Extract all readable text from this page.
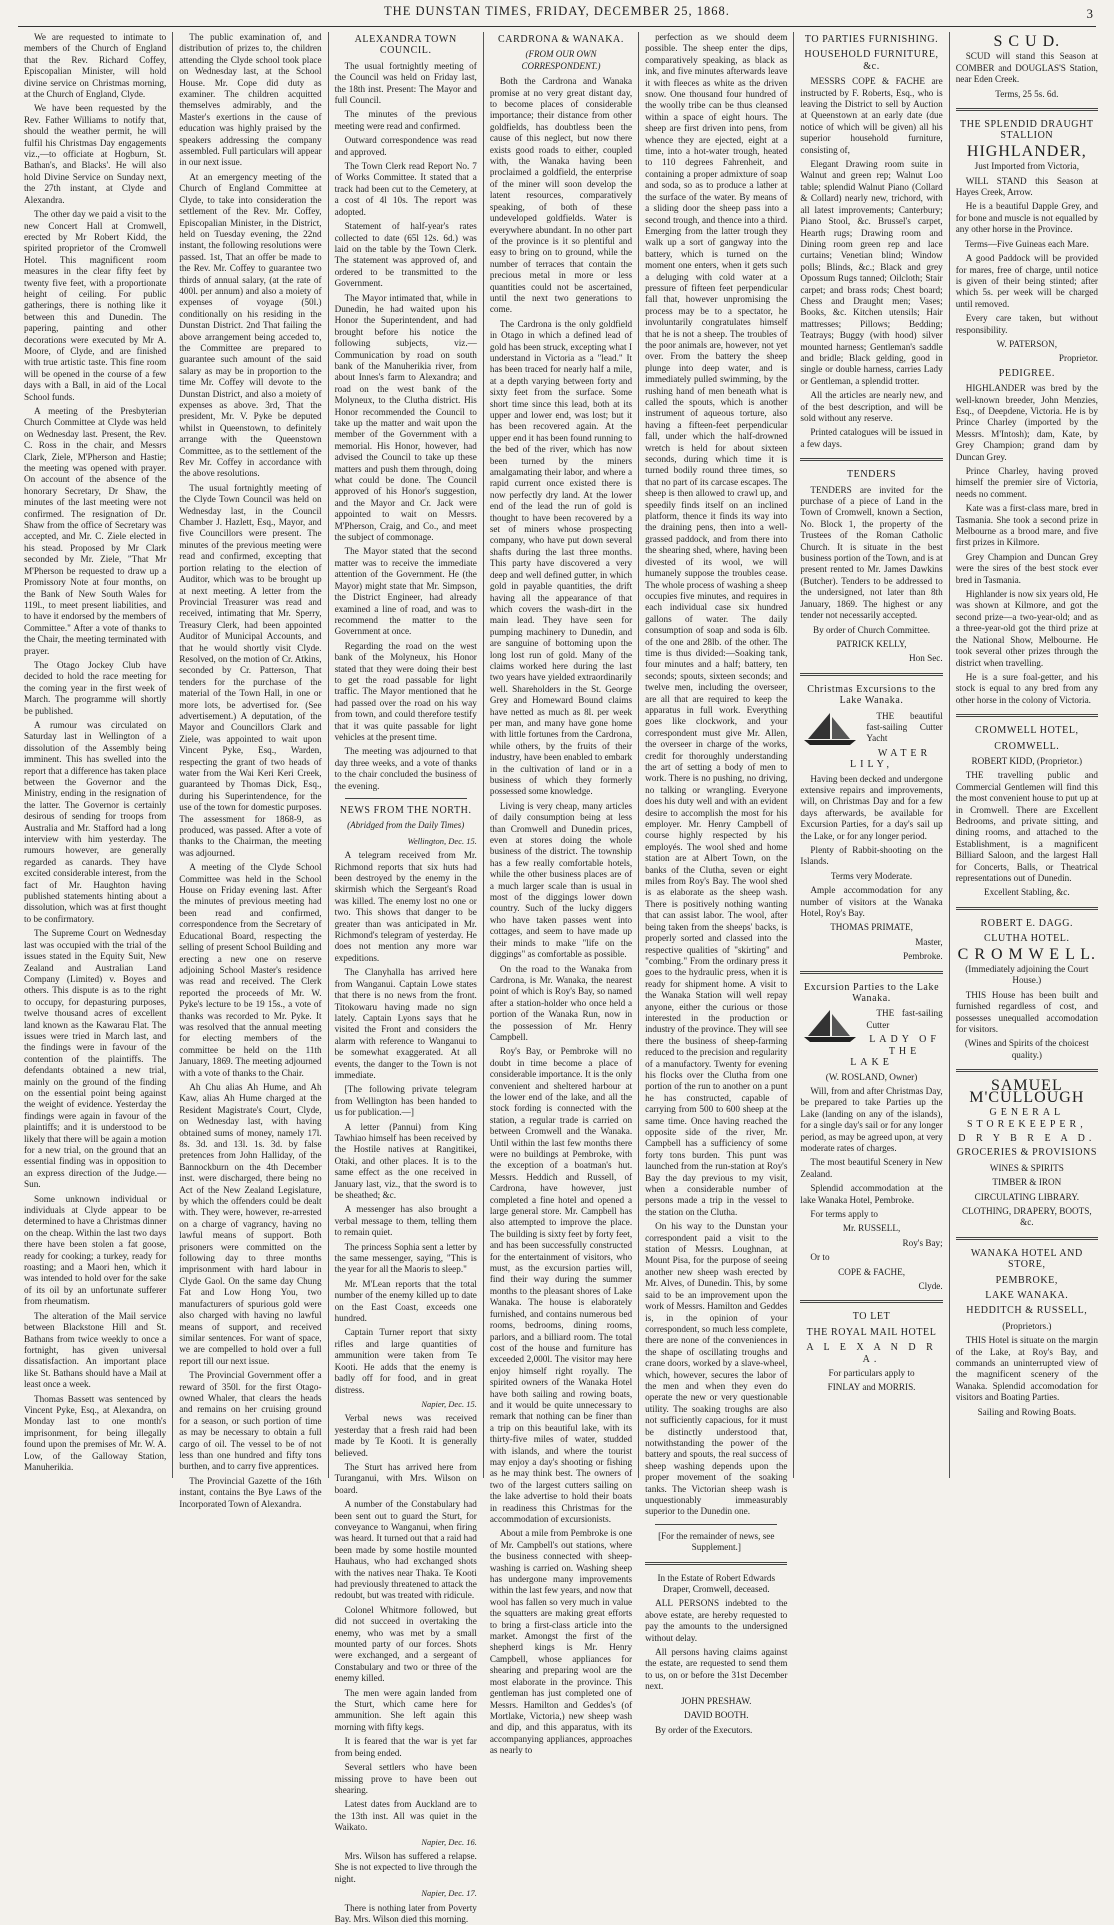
THE DUNSTAN TIMES, FRIDAY, DECEMBER 25, 1868.	3

We are requested to intimate to members of the Church of England that the Rev. Richard Coffey, Episcopalian Minister, will hold divine service on Christmas morning, at the Church of England, Clyde.

We have been requested by the Rev. Father Williams to notify that, should the weather permit, he will fulfil his Christmas Day engagements viz.,—to officiate at Hogburn, St. Bathan's, and Blacks'. He will also hold Divine Service on Sunday next, the 27th instant, at Clyde and Alexandra.

The other day we paid a visit to the new Concert Hall at Cromwell, erected by Mr Robert Kidd, the spirited proprietor of the Cromwell Hotel. This magnificent room measures in the clear fifty feet by twenty five feet, with a proportionate height of ceiling. For public gatherings, there is nothing like it between this and Dunedin. The papering, painting and other decorations were executed by Mr A. Moore, of Clyde, and are finished with true artistic taste. This fine room will be opened in the course of a few days with a Ball, in aid of the Local School funds.

A meeting of the Presbyterian Church Committee at Clyde was held on Wednesday last. Present, the Rev. C. Ross in the chair, and Messrs Clark, Ziele, M'Pherson and Hastie; the meeting was opened with prayer. On account of the absence of the honorary Secretary, Dr Shaw, the minutes of the last meeting were not confirmed. The resignation of Dr. Shaw from the office of Secretary was accepted, and Mr. C. Ziele elected in his stead. Proposed by Mr Clark seconded by Mr. Ziele, "That Mr M'Pherson be requested to draw up a Promissory Note at four months, on the Bank of New South Wales for 119l., to meet present liabilities, and to have it endorsed by the members of Committee." After a vote of thanks to the Chair, the meeting terminated with prayer.

The Otago Jockey Club have decided to hold the race meeting for the coming year in the first week of March. The programme will shortly be published.

A rumour was circulated on Saturday last in Wellington of a dissolution of the Assembly being imminent. This has swelled into the report that a difference has taken place between the Governor and the Ministry, ending in the resignation of the latter. The Governor is certainly desirous of sending for troops from Australia and Mr. Stafford had a long interview with him yesterday. The rumours however, are generally regarded as canards. They have excited considerable interest, from the fact of Mr. Haughton having published statements hinting about a dissolution, which was at first thought to be confirmatory.

The Supreme Court on Wednesday last was occupied with the trial of the issues stated in the Equity Suit, New Zealand and Australian Land Company (Limited) v. Boyes and others. This dispute is as to the right to occupy, for depasturing purposes, twelve thousand acres of excellent land known as the Kawarau Flat. The issues were tried in March last, and the findings were in favour of the contention of the plaintiffs. The defendants obtained a new trial, mainly on the ground of the finding on the essential point being against the weight of evidence. Yesterday the findings were again in favour of the plaintiffs; and it is understood to be likely that there will be again a motion for a new trial, on the ground that an essential finding was in opposition to an express direction of the Judge.—Sun.

Some unknown individual or individuals at Clyde appear to be determined to have a Christmas dinner on the cheap. Within the last two days there have been stolen a fat goose, ready for cooking; a turkey, ready for roasting; and a Maori hen, which it was intended to hold over for the sake of its oil by an unfortunate sufferer from rheumatism.

The alteration of the Mail service between Blackstone Hill and St. Bathans from twice weekly to once a fortnight, has given universal dissatisfaction. An important place like St. Bathans should have a Mail at least once a week.

Thomas Bassett was sentenced by Vincent Pyke, Esq., at Alexandra, on Monday last to one month's imprisonment, for being illegally found upon the premises of Mr. W. A. Low, of the Galloway Station, Manuherikia.

The public examination of, and distribution of prizes to, the children attending the Clyde school took place on Wednesday last, at the School House. Mr. Cope did duty as examiner. The children acquitted themselves admirably, and the Master's exertions in the cause of education was highly praised by the speakers addressing the company assembled. Full particulars will appear in our next issue.

At an emergency meeting of the Church of England Committee at Clyde, to take into consideration the settlement of the Rev. Mr. Coffey, Episcopalian Minister, in the District, held on Tuesday evening, the 22nd instant, the following resolutions were passed. 1st, That an offer be made to the Rev. Mr. Coffey to guarantee two thirds of annual salary, (at the rate of 400l. per annum) and also a moiety of expenses of voyage (50l.) conditionally on his residing in the Dunstan District. 2nd That failing the above arrangement being acceded to, the Committee are prepared to guarantee such amount of the said salary as may be in proportion to the time Mr. Coffey will devote to the Dunstan District, and also a moiety of expenses as above. 3rd, That the president, Mr. V. Pyke be deputed whilst in Queenstown, to definitely arrange with the Queenstown Committee, as to the settlement of the Rev Mr. Coffey in accordance with the above resolutions.

The usual fortnightly meeting of the Clyde Town Council was held on Wednesday last, in the Council Chamber J. Hazlett, Esq., Mayor, and five Councillors were present. The minutes of the previous meeting were read and confirmed, excepting that portion relating to the election of Auditor, which was to be brought up at next meeting. A letter from the Provincial Treasurer was read and received, intimating that Mr. Sperry, Treasury Clerk, had been appointed Auditor of Municipal Accounts, and that he would shortly visit Clyde. Resolved, on the motion of Cr. Atkins, seconded by Cr. Patterson, That tenders for the purchase of the material of the Town Hall, in one or more lots, be advertised for. (See advertisement.) A deputation, of the Mayor and Councillors Clark and Ziele, was appointed to wait upon Vincent Pyke, Esq., Warden, respecting the grant of two heads of water from the Wai Keri Keri Creek, guaranteed by Thomas Dick, Esq., during his Superintendence, for the use of the town for domestic purposes. The assessment for 1868-9, as produced, was passed. After a vote of thanks to the Chairman, the meeting was adjourned.

A meeting of the Clyde School Committee was held in the School House on Friday evening last. After the minutes of previous meeting had been read and confirmed, correspondence from the Secretary of Educational Board, respecting the selling of present School Building and erecting a new one on reserve adjoining School Master's residence was read and received. The Clerk reported the proceeds of Mr. W. Pyke's lecture to be 19 15s., a vote of thanks was recorded to Mr. Pyke. It was resolved that the annual meeting for electing members of the committee be held on the 11th January, 1869. The meeting adjourned with a vote of thanks to the Chair.

Ah Chu alias Ah Hume, and Ah Kaw, alias Ah Hume charged at the Resident Magistrate's Court, Clyde, on Wednesday last, with having obtained sums of money, namely 17l. 8s. 3d. and 13l. 1s. 3d. by false pretences from John Halliday, of the Bannockburn on the 4th December inst. were discharged, there being no Act of the New Zealand Legislature, by which the offenders could be dealt with. They were, however, re-arrested on a charge of vagrancy, having no lawful means of support. Both prisoners were committed on the following day to three months imprisonment with hard labour in Clyde Gaol. On the same day Chung Fat and Low Hong You, two manufacturers of spurious gold were also charged with having no lawful means of support, and received similar sentences. For want of space, we are compelled to hold over a full report till our next issue.

The Provincial Government offer a reward of 350l. for the first Otago-owned Whaler, that clears the heads and remains on her cruising ground for a season, or such portion of time as may be necessary to obtain a full cargo of oil. The vessel to be of not less than one hundred and fifty tons burthen, and to carry five apprentices.

The Provincial Gazette of the 16th instant, contains the Bye Laws of the Incorporated Town of Alexandra.

ALEXANDRA TOWN COUNCIL.

The usual fortnightly meeting of the Council was held on Friday last, the 18th inst. Present: The Mayor and full Council.

The minutes of the previous meeting were read and confirmed.

Outward correspondence was read and approved.

The Town Clerk read Report No. 7 of Works Committee. It stated that a track had been cut to the Cemetery, at a cost of 4l 10s. The report was adopted.

Statement of half-year's rates collected to date (65l 12s. 6d.) was laid on the table by the Town Clerk. The statement was approved of, and ordered to be transmitted to the Government.

The Mayor intimated that, while in Dunedin, he had waited upon his Honor the Superintendent, and had brought before his notice the following subjects, viz.— Communication by road on south bank of the Manuherikia river, from about Innes's farm to Alexandra; and road on the west bank of the Molyneux, to the Clutha district. His Honor recommended the Council to take up the matter and wait upon the member of the Government with a memorial. His Honor, however, had advised the Council to take up these matters and push them through, doing what could be done. The Council approved of his Honor's suggestion, and the Mayor and Cr. Jack were appointed to wait on Messrs. M'Pherson, Craig, and Co., and meet the subject of commonage.

The Mayor stated that the second matter was to receive the immediate attention of the Government. He (the Mayor) might state that Mr. Simpson, the District Engineer, had already examined a line of road, and was to recommend the matter to the Government at once.

Regarding the road on the west bank of the Molyneux, his Honor stated that they were doing their best to get the road passable for light traffic. The Mayor mentioned that he had passed over the road on his way from town, and could therefore testify that it was quite passable for light vehicles at the present time.

The meeting was adjourned to that day three weeks, and a vote of thanks to the chair concluded the business of the evening.

NEWS FROM THE NORTH.
(Abridged from the Daily Times)
Wellington, Dec. 15.

A telegram received from Mr. Richmond reports that six huts had been destroyed by the enemy in the skirmish which the Sergeant's Road was killed. The enemy lost no one or two. This shows that danger to be greater than was anticipated in Mr. Richmond's telegram of yesterday. He does not mention any more war expeditions.

The Clanyhalla has arrived here from Wanganui. Captain Lowe states that there is no news from the front. Titokowaru having made no sign lately. Captain Lyons says that he visited the Front and considers the alarm with reference to Wanganui to be somewhat exaggerated. At all events, the danger to the Town is not immediate.

[The following private telegram from Wellington has been handed to us for publication.—]

A letter (Pannui) from King Tawhiao himself has been received by the Hostile natives at Rangitikei, Otaki, and other places. It is to the same effect as the one received in January last, viz., that the sword is to be sheathed; &c.

A messenger has also brought a verbal message to them, telling them to remain quiet.

The princess Sophia sent a letter by the same messenger, saying, "This is the year for all the Maoris to sleep."

Mr. M'Lean reports that the total number of the enemy killed up to date on the East Coast, exceeds one hundred.

Captain Turner report that sixty rifles and large quantities of ammunition were taken from Te Kooti. He adds that the enemy is badly off for food, and in great distress.

Napier, Dec. 15.

Verbal news was received yesterday that a fresh raid had been made by Te Kooti. It is generally believed.

The Sturt has arrived here from Turanganui, with Mrs. Wilson on board.

A number of the Constabulary had been sent out to guard the Sturt, for conveyance to Wanganui, when firing was heard. It turned out that a raid had been made by some hostile mounted Hauhaus, who had exchanged shots with the natives near Thaka. Te Kooti had previously threatened to attack the redoubt, but was treated with ridicule.

Colonel Whitmore followed, but did not succeed in overtaking the enemy, who was met by a small mounted party of our forces. Shots were exchanged, and a sergeant of Constabulary and two or three of the enemy killed.

The men were again landed from the Sturt, which came here for ammunition. She left again this morning with fifty kegs.

It is feared that the war is yet far from being ended.

Several settlers who have been missing prove to have been out shearing.

Latest dates from Auckland are to the 13th inst. All was quiet in the Waikato.

Napier, Dec. 16.

Mrs. Wilson has suffered a relapse. She is not expected to live through the night.

Napier, Dec. 17.

There is nothing later from Poverty Bay. Mrs. Wilson died this morning.

CARDRONA & WANAKA.
(FROM OUR OWN CORRESPONDENT.)

Both the Cardrona and Wanaka promise at no very great distant day, to become places of considerable importance; their distance from other goldfields, has doubtless been the cause of this neglect, but now there exists good roads to either, coupled with, the Wanaka having been proclaimed a goldfield, the enterprise of the miner will soon develop the latent resources, comparatively speaking, of both of these undeveloped goldfields. Water is everywhere abundant. In no other part of the province is it so plentiful and easy to bring on to ground, while the number of terraces that contain the precious metal in more or less quantities could not be ascertained, until the next two generations to come.

The Cardrona is the only goldfield in Otago in which a defined lead of gold has been struck, excepting what I understand in Victoria as a "lead." It has been traced for nearly half a mile, at a depth varying between forty and sixty feet from the surface. Some short time since this lead, both at its upper and lower end, was lost; but it has been recovered again. At the upper end it has been found running to the bed of the river, which has now been turned by the miners amalgamating their labor, and where a rapid current once existed there is now perfectly dry land. At the lower end of the lead the run of gold is thought to have been recovered by a set of miners whose prospecting company, who have put down several shafts during the last three months. This party have discovered a very deep and well defined gutter, in which gold in payable quantities, the drift having all the appearance of that which covers the wash-dirt in the main lead. They have seen for pumping machinery to Dunedin, and are sanguine of bottoming upon the long lost run of gold. Many of the claims worked here during the last two years have yielded extraordinarily well. Shareholders in the St. George Grey and Homeward Bound claims have netted as much as 8l. per week per man, and many have gone home with little fortunes from the Cardrona, while others, by the fruits of their industry, have been enabled to embark in the cultivation of land or in a business of which they formerly possessed some knowledge.

Living is very cheap, many articles of daily consumption being at less than Cromwell and Dunedin prices, even at stores doing the whole business of the district. The township has a few really comfortable hotels, while the other business places are of a much larger scale than is usual in most of the diggings lower down country. Such of the lucky diggers who have taken passes went into cottages, and seem to have made up their minds to make "life on the diggings" as comfortable as possible.

On the road to the Wanaka from Cardrona, is Mr. Wanaka, the nearest point of which is Roy's Bay, so named after a station-holder who once held a portion of the Wanaka Run, now in the possession of Mr. Henry Campbell.

Roy's Bay, or Pembroke will no doubt in time become a place of considerable importance. It is the only convenient and sheltered harbour at the lower end of the lake, and all the stock fording is connected with the station, a regular trade is carried on between Cromwell and the Wanaka. Until within the last few months there were no buildings at Pembroke, with the exception of a boatman's hut. Messrs. Heddich and Russell, of Cardrona, have however, just completed a fine hotel and opened a large general store. Mr. Campbell has also attempted to improve the place. The building is sixty feet by forty feet, and has been successfully constructed for the entertainment of visitors, who must, as the excursion parties will, find their way during the summer months to the pleasant shores of Lake Wanaka. The house is elaborately furnished, and contains numerous bed rooms, bedrooms, dining rooms, parlors, and a billiard room. The total cost of the house and furniture has exceeded 2,000l. The visitor may here enjoy himself right royally. The spirited owners of the Wanaka Hotel have both sailing and rowing boats, and it would be quite unnecessary to remark that nothing can be finer than a trip on this beautiful lake, with its thirty-five miles of water, studded with islands, and where the tourist may enjoy a day's shooting or fishing as he may think best. The owners of two of the largest cutters sailing on the lake advertise to hold their boats in readiness this Christmas for the accommodation of excursionists.

About a mile from Pembroke is one of Mr. Campbell's out stations, where the business connected with sheep-washing is carried on. Washing sheep has undergone many improvements within the last few years, and now that wool has fallen so very much in value the squatters are making great efforts to bring a first-class article into the market. Amongst the first of the shepherd kings is Mr. Henry Campbell, whose appliances for shearing and preparing wool are the most elaborate in the province. This gentleman has just completed one of Messrs. Hamilton and Geddes's (of Mortlake, Victoria,) new sheep wash and dip, and this apparatus, with its accompanying appliances, approaches as nearly to

perfection as we should deem possible. The sheep enter the dips, comparatively speaking, as black as ink, and five minutes afterwards leave it with fleeces as white as the driven snow. One thousand four hundred of the woolly tribe can be thus cleansed within a space of eight hours. The sheep are first driven into pens, from whence they are ejected, eight at a time, into a hot-water trough, heated to 110 degrees Fahrenheit, and containing a proper admixture of soap and soda, so as to produce a lather at the surface of the water. By means of a sliding door the sheep pass into a second trough, and thence into a third. Emerging from the latter trough they walk up a sort of gangway into the battery, which is turned on the moment one enters, when it gets such a deluging with cold water at a pressure of fifteen feet perpendicular fall that, however unpromising the process may be to a spectator, he involuntarily congratulates himself that he is not a sheep. The troubles of the poor animals are, however, not yet over. From the battery the sheep plunge into deep water, and is immediately pulled swimming, by the rushing hand of men beneath what is called the spouts, which is another instrument of aqueous torture, also having a fifteen-feet perpendicular fall, under which the half-drowned wretch is held for about sixteen seconds, during which time it is turned bodily round three times, so that no part of its carcase escapes. The sheep is then allowed to crawl up, and speedily finds itself on an inclined platform, thence it finds its way into the draining pens, then into a well-grassed paddock, and from there into the shearing shed, where, having been divested of its wool, we will humanely suppose the troubles cease. The whole process of washing a sheep occupies five minutes, and requires in each individual case six hundred gallons of water. The daily consumption of soap and soda is 6lb. of the one and 28lb. of the other. The time is thus divided:—Soaking tank, four minutes and a half; battery, ten seconds; spouts, sixteen seconds; and twelve men, including the overseer, are all that are required to keep the apparatus in full work. Everything goes like clockwork, and your correspondent must give Mr. Allen, the overseer in charge of the works, credit for thoroughly understanding the art of setting a body of men to work. There is no pushing, no driving, no talking or wrangling. Everyone does his duty well and with an evident desire to accomplish the most for his employer. Mr. Henry Campbell of course highly respected by his employés. The wool shed and home station are at Albert Town, on the banks of the Clutha, seven or eight miles from Roy's Bay. The wool shed is as elaborate as the sheep wash. There is positively nothing wanting that can assist labor. The wool, after being taken from the sheeps' backs, is properly sorted and classed into the respective qualities of "skirting" and "combing." From the ordinary press it goes to the hydraulic press, when it is ready for shipment home. A visit to the Wanaka Station will well repay anyone, either the curious or those interested in the production or industry of the province. They will see there the business of sheep-farming reduced to the precision and regularity of a manufactory. Twenty for evening his flocks over the Clutha from one portion of the run to another on a punt he has constructed, capable of carrying from 500 to 600 sheep at the same time. Once having reached the opposite side of the river, Mr. Campbell has a sufficiency of some forty tons burden. This punt was launched from the run-station at Roy's Bay the day previous to my visit, when a considerable number of persons made a trip in the vessel to the station on the Clutha.

On his way to the Dunstan your correspondent paid a visit to the station of Messrs. Loughnan, at Mount Pisa, for the purpose of seeing another new sheep wash erected by Mr. Alves, of Dunedin. This, by some said to be an improvement upon the work of Messrs. Hamilton and Geddes is, in the opinion of your correspondent, so much less complete, there are none of the conveniences in the shape of oscillating troughs and crane doors, worked by a slave-wheel, which, however, secures the labor of the men and when they even do operate the new or very questionable utility. The soaking troughs are also not sufficiently capacious, for it must be distinctly understood that, notwithstanding the power of the battery and spouts, the real success of sheep washing depends upon the proper movement of the soaking tanks. The Victorian sheep wash is unquestionably immeasurably superior to the Dunedin one.

[For the remainder of news, see Supplement.]

In the Estate of Robert Edwards Draper, Cromwell, deceased.

ALL PERSONS indebted to the above estate, are hereby requested to pay the amounts to the undersigned without delay.

All persons having claims against the estate, are requested to send them to us, on or before the 31st December next.

JOHN PRESHAW.

DAVID BOOTH.

By order of the Executors.

TO PARTIES FURNISHING.
HOUSEHOLD FURNITURE, &c.

MESSRS COPE & FACHE are instructed by F. Roberts, Esq., who is leaving the District to sell by Auction at Queenstown at an early date (due notice of which will be given) all his superior household furniture, consisting of,

Elegant Drawing room suite in Walnut and green rep; Walnut Loo table; splendid Walnut Piano (Collard & Collard) nearly new, trichord, with all latest improvements; Canterbury; Piano Stool, &c. Brussel's carpet, Hearth rugs; Drawing room and Dining room green rep and lace curtains; Venetian blind; Window polls; Blinds, &c.; Black and grey Opossum Rugs tanned; Oilcloth; Stair carpet; and brass rods; Chest board; Chess and Draught men; Vases; Books, &c. Kitchen utensils; Hair mattresses; Pillows; Bedding; Teatrays; Buggy (with hood) silver mounted harness; Gentleman's saddle and bridle; Black gelding, good in single or double harness, carries Lady or Gentleman, a splendid trotter.

All the articles are nearly new, and of the best description, and will be sold without any reserve.

Printed catalogues will be issued in a few days.

TENDERS

TENDERS are invited for the purchase of a piece of Land in the Town of Cromwell, known a Section, No. Block 1, the property of the Trustees of the Roman Catholic Church. It is situate in the best business portion of the Town, and is at present rented to Mr. James Dawkins (Butcher). Tenders to be addressed to the undersigned, not later than 8th January, 1869. The highest or any tender not necessarily accepted.

By order of Church Committee.

PATRICK KELLY,

Hon Sec.

Christmas Excursions to the Lake Wanaka.

THE beautiful fast-sailing Cutter Yacht

WATER LILY,

Having been decked and undergone extensive repairs and improvements, will, on Christmas Day and for a few days afterwards, be available for Excursion Parties, for a day's sail up the Lake, or for any longer period.

Plenty of Rabbit-shooting on the Islands.

Terms very Moderate.

Ample accommodation for any number of visitors at the Wanaka Hotel, Roy's Bay.

THOMAS PRIMATE,

Master,

Pembroke.

Excursion Parties to the Lake Wanaka.

THE fast-sailing Cutter

LADY OF THE LAKE

(W. ROSLAND, Owner)

Will, from and after Christmas Day, be prepared to take Parties up the Lake (landing on any of the islands), for a single day's sail or for any longer period, as may be agreed upon, at very moderate rates of charges.

The most beautiful Scenery in New Zealand.

Splendid accommodation at the lake Wanaka Hotel, Pembroke.

For terms apply to

Mr. RUSSELL,

Roy's Bay;

Or to

COPE & FACHE,

Clyde.

TO LET
THE ROYAL MAIL HOTEL
A L E X A N D R A.

For particulars apply to

FINLAY and MORRIS.

S C U D.

SCUD will stand this Season at COMBER and DOUGLAS'S Station, near Eden Creek.

Terms, 25 5s. 6d.

THE SPLENDID DRAUGHT STALLION
HIGHLANDER,

Just Imported from Victoria,

WILL STAND this Season at Hayes Creek, Arrow.

He is a beautiful Dapple Grey, and for bone and muscle is not equalled by any other horse in the Province.

Terms—Five Guineas each Mare.

A good Paddock will be provided for mares, free of charge, until notice is given of their being stinted; after which 5s. per week will be charged until removed.

Every care taken, but without responsibility.

W. PATERSON,

Proprietor.

PEDIGREE.

HIGHLANDER was bred by the well-known breeder, John Menzies, Esq., of Deepdene, Victoria. He is by Prince Charley (imported by the Messrs. M'Intosh); dam, Kate, by Grey Champion; grand dam by Duncan Grey.

Prince Charley, having proved himself the premier sire of Victoria, needs no comment.

Kate was a first-class mare, bred in Tasmania. She took a second prize in Melbourne as a brood mare, and five first prizes in Kilmore.

Grey Champion and Duncan Grey were the sires of the best stock ever bred in Tasmania.

Highlander is now six years old, He was shown at Kilmore, and got the second prize—a two-year-old; and as a three-year-old got the third prize at the National Show, Melbourne. He took several other prizes through the district when travelling.

He is a sure foal-getter, and his stock is equal to any bred from any other horse in the colony of Victoria.

CROMWELL HOTEL,
CROMWELL.

ROBERT KIDD, (Proprietor.)

THE travelling public and Commercial Gentlemen will find this the most convenient house to put up at in Cromwell. There are Excellent Bedrooms, and private sitting, and dining rooms, and attached to the Establishment, is a magnificent Billiard Saloon, and the largest Hall for Concerts, Balls, or Theatrical representations out of Dunedin.

Excellent Stabling, &c.

ROBERT E. DAGG.
CLUTHA HOTEL.
C R O M W E L L.

(Immediately adjoining the Court House.)

THIS House has been built and furnished regardless of cost, and possesses unequalled accomodation for visitors.

(Wines and Spirits of the choicest quality.)

SAMUEL M'CULLOUGH
GENERAL STOREKEEPER,
D R Y B R E A D.
GROCERIES & PROVISIONS

WINES & SPIRITS

TIMBER & IRON

CIRCULATING LIBRARY.

CLOTHING, DRAPERY, BOOTS, &c.

WANAKA HOTEL AND STORE,
PEMBROKE,
LAKE WANAKA.
HEDDITCH & RUSSELL,

(Proprietors.)

THIS Hotel is situate on the margin of the Lake, at Roy's Bay, and commands an uninterrupted view of the magnificent scenery of the Wanaka. Splendid accomodation for visitors and Boating Parties.

Sailing and Rowing Boats.
